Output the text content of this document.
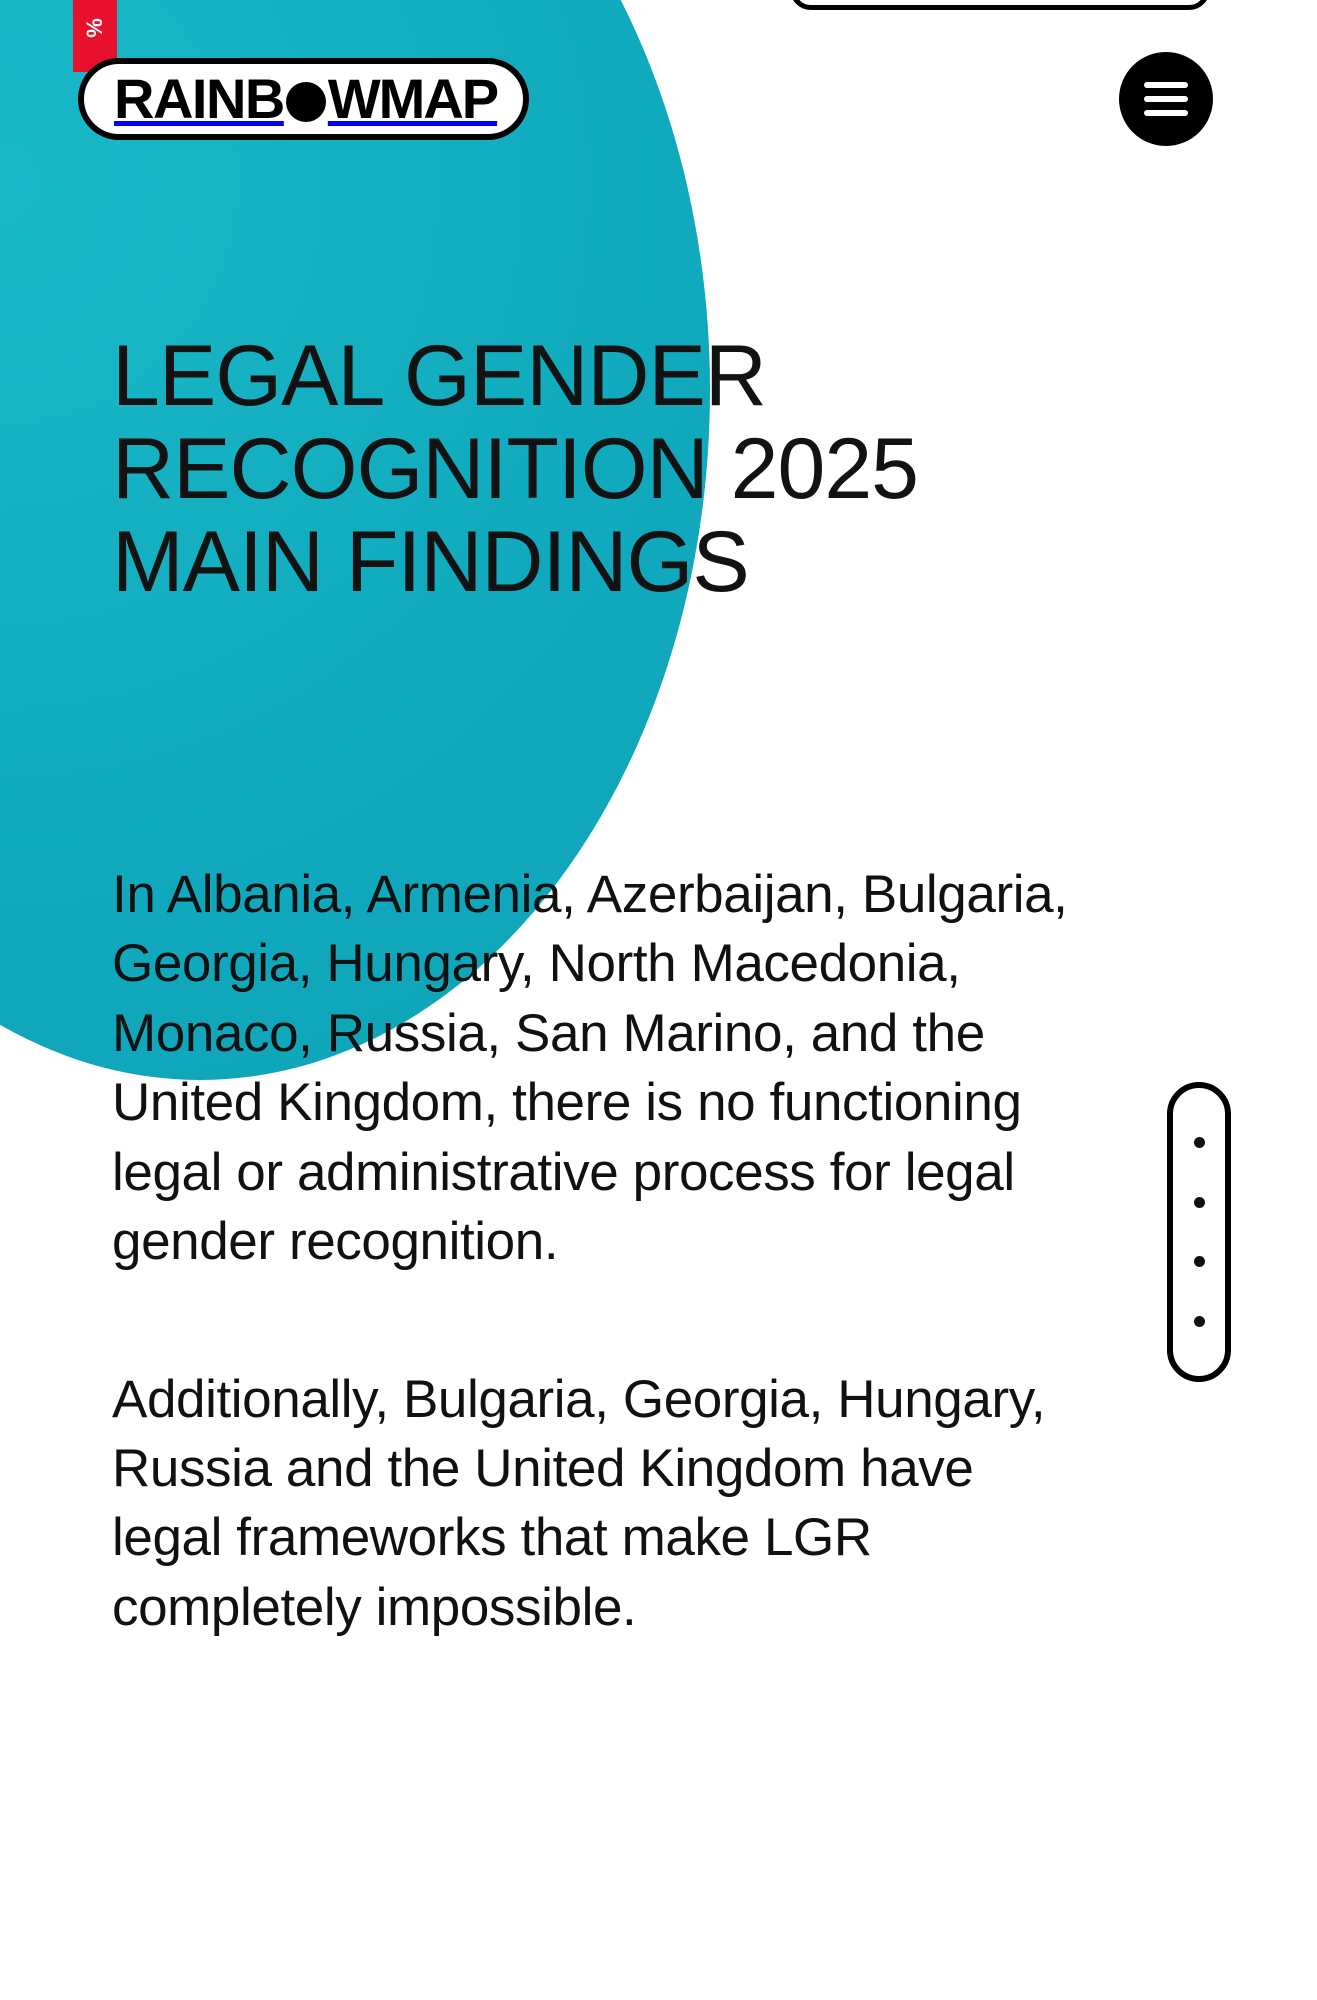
%
RAINB WMAP
LEGAL GENDER RECOGNITION 2025 MAIN FINDINGS

In Albania, Armenia, Azerbaijan, Bulgaria, Georgia, Hungary, North Macedonia, Monaco, Russia, San Marino, and the United Kingdom, there is no functioning legal or administrative process for legal gender recognition.

Additionally, Bulgaria, Georgia, Hungary, Russia and the United Kingdom have legal frameworks that make LGR completely impossible.
